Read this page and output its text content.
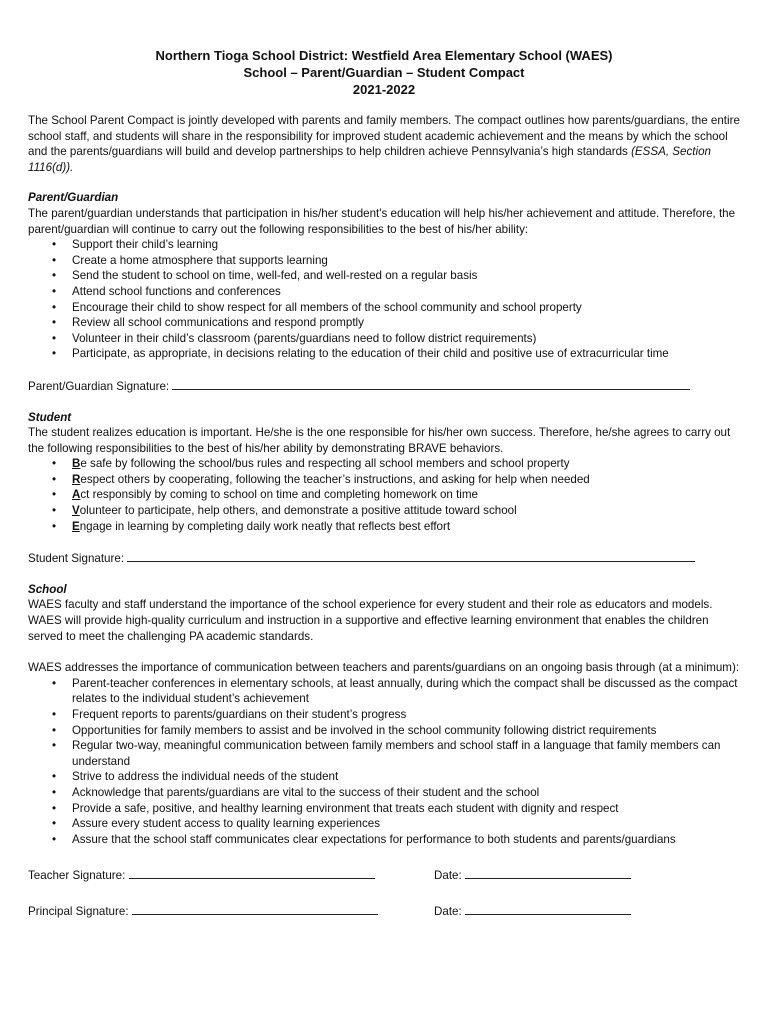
Northern Tioga School District: Westfield Area Elementary School (WAES)
School – Parent/Guardian – Student Compact
2021-2022

The School Parent Compact is jointly developed with parents and family members. The compact outlines how parents/guardians, the entire school staff, and students will share in the responsibility for improved student academic achievement and the means by which the school and the parents/guardians will build and develop partnerships to help children achieve Pennsylvania’s high standards (ESSA, Section 1116(d)).

Parent/Guardian

The parent/guardian understands that participation in his/her student's education will help his/her achievement and attitude. Therefore, the parent/guardian will continue to carry out the following responsibilities to the best of his/her ability:

• Support their child’s learning
• Create a home atmosphere that supports learning
• Send the student to school on time, well-fed, and well-rested on a regular basis
• Attend school functions and conferences
• Encourage their child to show respect for all members of the school community and school property
• Review all school communications and respond promptly
• Volunteer in their child’s classroom (parents/guardians need to follow district requirements)
• Participate, as appropriate, in decisions relating to the education of their child and positive use of extracurricular time
Parent/Guardian Signature:
Student

The student realizes education is important. He/she is the one responsible for his/her own success. Therefore, he/she agrees to carry out the following responsibilities to the best of his/her ability by demonstrating BRAVE behaviors.

• Be safe by following the school/bus rules and respecting all school members and school property
• Respect others by cooperating, following the teacher’s instructions, and asking for help when needed
• Act responsibly by coming to school on time and completing homework on time
• Volunteer to participate, help others, and demonstrate a positive attitude toward school
• Engage in learning by completing daily work neatly that reflects best effort
Student Signature:
School

WAES faculty and staff understand the importance of the school experience for every student and their role as educators and models. WAES will provide high-quality curriculum and instruction in a supportive and effective learning environment that enables the children served to meet the challenging PA academic standards.

WAES addresses the importance of communication between teachers and parents/guardians on an ongoing basis through (at a minimum):

• Parent-teacher conferences in elementary schools, at least annually, during which the compact shall be discussed as the compact relates to the individual student’s achievement
• Frequent reports to parents/guardians on their student’s progress
• Opportunities for family members to assist and be involved in the school community following district requirements
• Regular two-way, meaningful communication between family members and school staff in a language that family members can understand
• Strive to address the individual needs of the student
• Acknowledge that parents/guardians are vital to the success of their student and the school
• Provide a safe, positive, and healthy learning environment that treats each student with dignity and respect
• Assure every student access to quality learning experiences
• Assure that the school staff communicates clear expectations for performance to both students and parents/guardians
Teacher Signature:	Date:
Principal Signature:	Date:
